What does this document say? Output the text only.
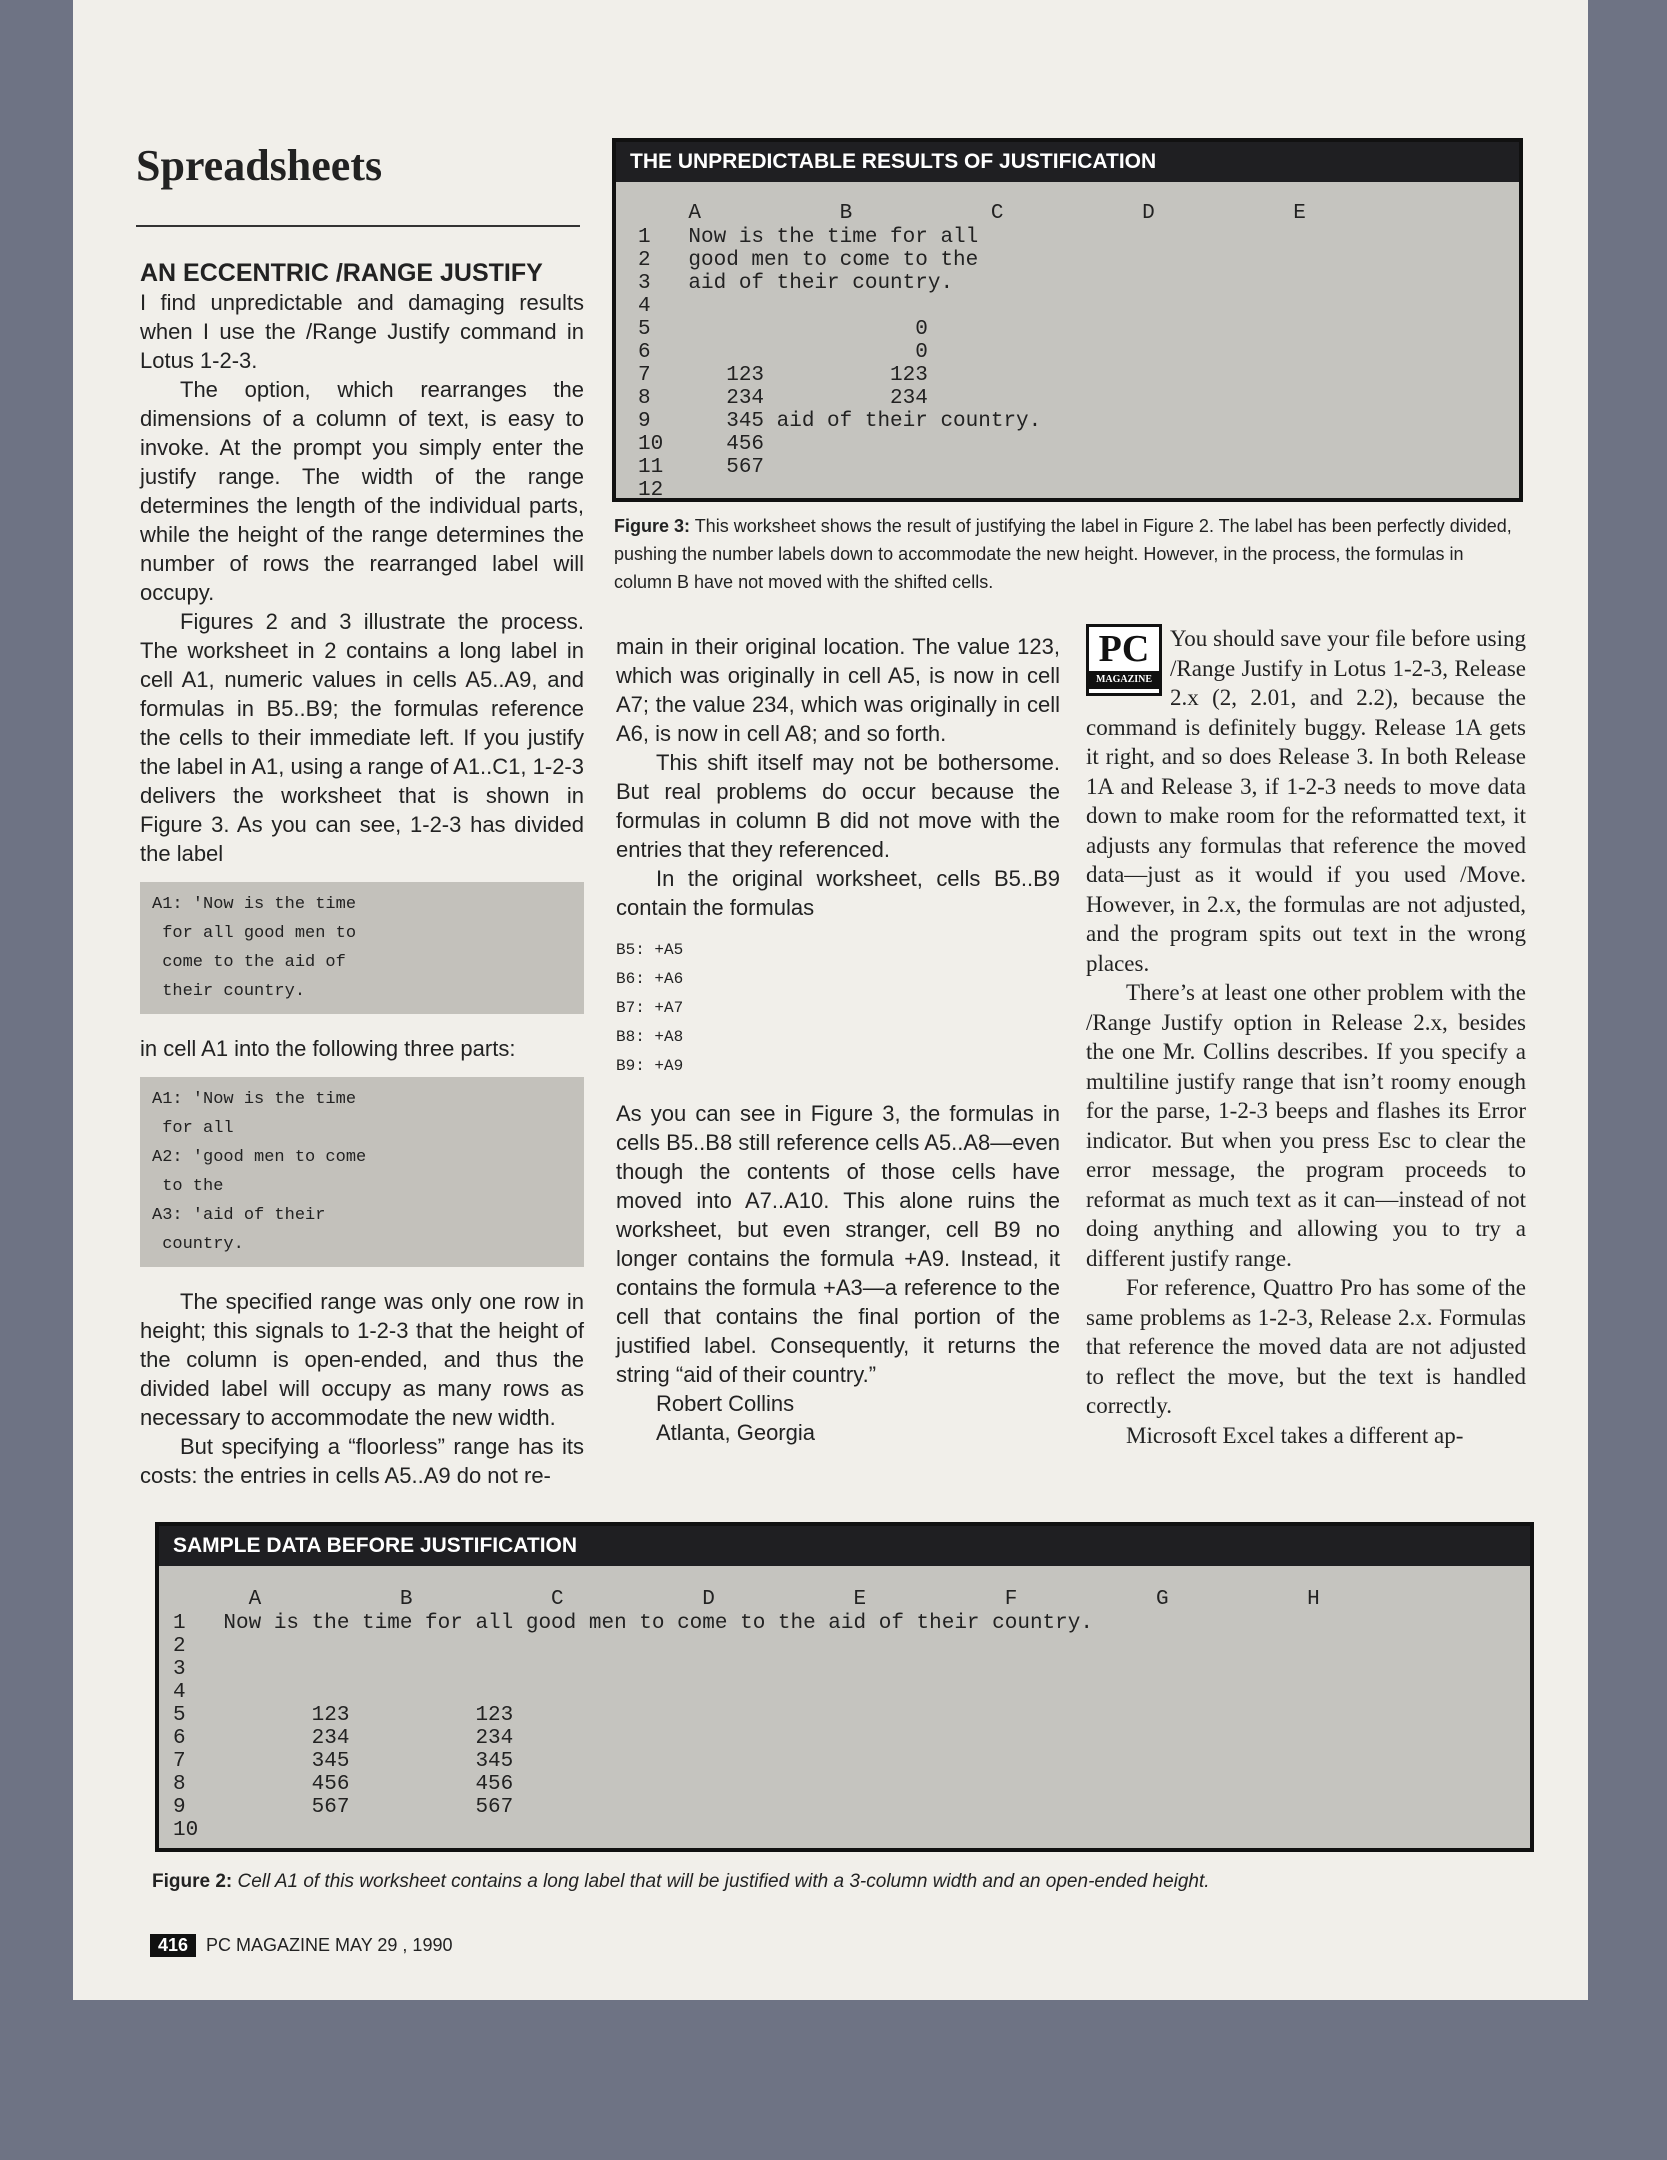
Spreadsheets	THE UNPREDICTABLE RESULTS OF JUSTIFICATION
A           B           C           D           E
1   Now is the time for all
2   good men to come to the
3   aid of their country.
4
5                     0
6                     0
7      123          123
8      234          234
9      345 aid of their country.
10     456
11     567
12
Figure 3: This worksheet shows the result of justifying the label in Figure 2. The label has been perfectly divided, pushing the number labels down to accommodate the new height. However, in the process, the formulas in column B have not moved with the shifted cells.

AN ECCENTRIC /RANGE JUSTIFY

I find unpredictable and damaging results when I use the /Range Justify command in Lotus 1-2-3.

The option, which rearranges the dimensions of a column of text, is easy to invoke. At the prompt you simply enter the justify range. The width of the range determines the length of the individual parts, while the height of the range determines the number of rows the rearranged label will occupy.

Figures 2 and 3 illustrate the process. The worksheet in 2 contains a long label in cell A1, numeric values in cells A5..A9, and formulas in B5..B9; the formulas reference the cells to their immediate left. If you justify the label in A1, using a range of A1..C1, 1-2-3 delivers the worksheet that is shown in Figure 3. As you can see, 1-2-3 has divided the label

A1: 'Now is the time
for all good men to
come to the aid of
their country.

in cell A1 into the following three parts:

A1: 'Now is the time
for all
A2: 'good men to come
to the
A3: 'aid of their
country.

The specified range was only one row in height; this signals to 1-2-3 that the height of the column is open-ended, and thus the divided label will occupy as many rows as necessary to accommodate the new width.

But specifying a “floorless” range has its costs: the entries in cells A5..A9 do not re-

main in their original location. The value 123, which was originally in cell A5, is now in cell A7; the value 234, which was originally in cell A6, is now in cell A8; and so forth.

This shift itself may not be bothersome. But real problems do occur because the formulas in column B did not move with the entries that they referenced.

In the original worksheet, cells B5..B9 contain the formulas

B5: +A5
B6: +A6
B7: +A7
B8: +A8
B9: +A9

As you can see in Figure 3, the formulas in cells B5..B8 still reference cells A5..A8—even though the contents of those cells have moved into A7..A10. This alone ruins the worksheet, but even stranger, cell B9 no longer contains the formula +A9. Instead, it contains the formula +A3—a reference to the cell that contains the final portion of the justified label. Consequently, it returns the string “aid of their country.”

Robert Collins

Atlanta, Georgia

PC
MAGAZINE

You should save your file before using /Range Justify in Lotus 1-2-3, Release 2.x (2, 2.01, and 2.2), because the command is definitely buggy. Release 1A gets it right, and so does Release 3. In both Release 1A and Release 3, if 1-2-3 needs to move data down to make room for the reformatted text, it adjusts any formulas that reference the moved data—just as it would if you used /Move. However, in 2.x, the formulas are not adjusted, and the program spits out text in the wrong places.

There’s at least one other problem with the /Range Justify option in Release 2.x, besides the one Mr. Collins describes. If you specify a multiline justify range that isn’t roomy enough for the parse, 1-2-3 beeps and flashes its Error indicator. But when you press Esc to clear the error message, the program proceeds to reformat as much text as it can—instead of not doing anything and allowing you to try a different justify range.

For reference, Quattro Pro has some of the same problems as 1-2-3, Release 2.x. Formulas that reference the moved data are not adjusted to reflect the move, but the text is handled correctly.

Microsoft Excel takes a different ap-

SAMPLE DATA BEFORE JUSTIFICATION
A           B           C           D           E           F           G           H
1   Now is the time for all good men to come to the aid of their country.
2
3
4
5          123          123
6          234          234
7          345          345
8          456          456
9          567          567
10
Figure 2: Cell A1 of this worksheet contains a long label that will be justified with a 3-column width and an open-ended height.
416 PC MAGAZINE MAY 29 , 1990
